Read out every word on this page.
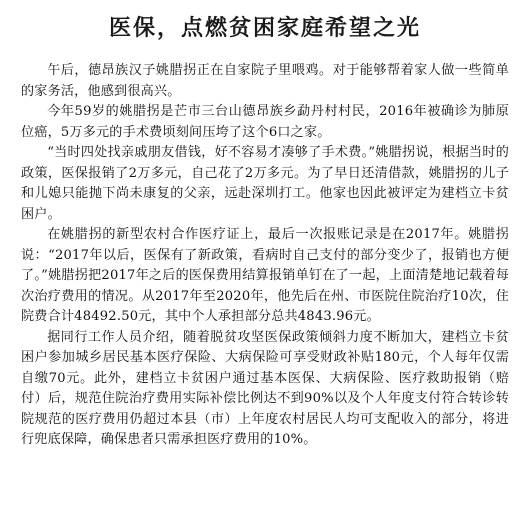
医保，点燃贫困家庭希望之光

午后，德昂族汉子姚腊拐正在自家院子里喂鸡。对于能够帮着家人做一些简单的家务活，他感到很高兴。

今年59岁的姚腊拐是芒市三台山德昂族乡勐丹村村民，2016年被确诊为肺原位癌，5万多元的手术费顷刻间压垮了这个6口之家。

“当时四处找亲戚朋友借钱，好不容易才凑够了手术费。”姚腊拐说，根据当时的政策，医保报销了2万多元，自己花了2万多元。为了早日还清借款，姚腊拐的儿子和儿媳只能抛下尚未康复的父亲，远赴深圳打工。他家也因此被评定为建档立卡贫困户。

在姚腊拐的新型农村合作医疗证上，最后一次报账记录是在2017年。姚腊拐说：“2017年以后，医保有了新政策，看病时自己支付的部分变少了，报销也方便了。”姚腊拐把2017年之后的医保费用结算报销单钉在了一起，上面清楚地记载着每次治疗费用的情况。从2017年至2020年，他先后在州、市医院住院治疗10次，住院费合计48492.50元，其中个人承担部分总共4843.96元。

据同行工作人员介绍，随着脱贫攻坚医保政策倾斜力度不断加大，建档立卡贫困户参加城乡居民基本医疗保险、大病保险可享受财政补贴180元，个人每年仅需自缴70元。此外，建档立卡贫困户通过基本医保、大病保险、医疗救助报销（赔付）后，规范住院治疗费用实际补偿比例达不到90%以及个人年度支付符合转诊转院规范的医疗费用仍超过本县（市）上年度农村居民人均可支配收入的部分，将进行兜底保障，确保患者只需承担医疗费用的10%。
